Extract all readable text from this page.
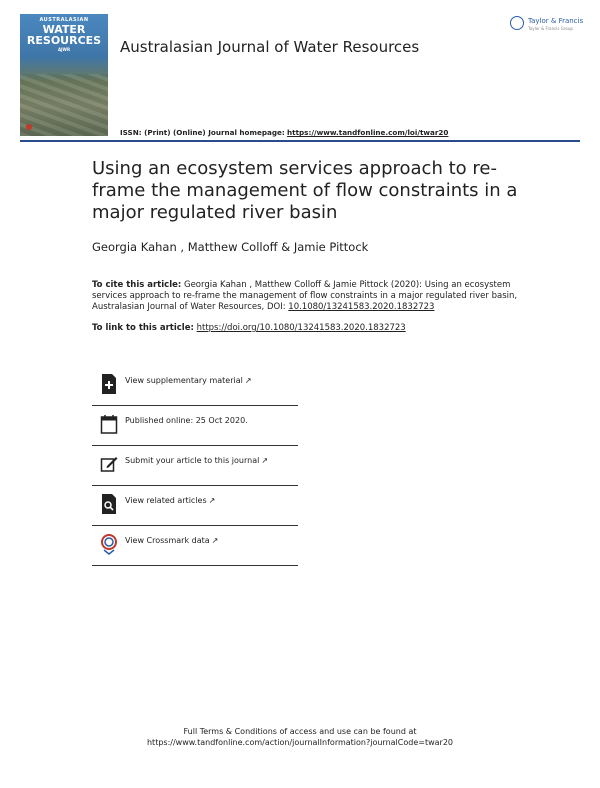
AUSTRALASIAN
WATER
RESOURCES
AJWR	Australasian Journal of Water Resources
Taylor & Francis
Taylor & Francis Group
ISSN: (Print) (Online) Journal homepage: https://www.tandfonline.com/loi/twar20
Using an ecosystem services approach to re-frame the management of flow constraints in a major regulated river basin
Georgia Kahan , Matthew Colloff & Jamie Pittock
To cite this article: Georgia Kahan , Matthew Colloff & Jamie Pittock (2020): Using an ecosystem services approach to re-frame the management of flow constraints in a major regulated river basin, Australasian Journal of Water Resources, DOI: 10.1080/13241583.2020.1832723
To link to this article: https://doi.org/10.1080/13241583.2020.1832723
View supplementary material ↗
Published online: 25 Oct 2020.
Submit your article to this journal ↗
View related articles ↗
View Crossmark data ↗
Full Terms & Conditions of access and use can be found at
https://www.tandfonline.com/action/journalInformation?journalCode=twar20
